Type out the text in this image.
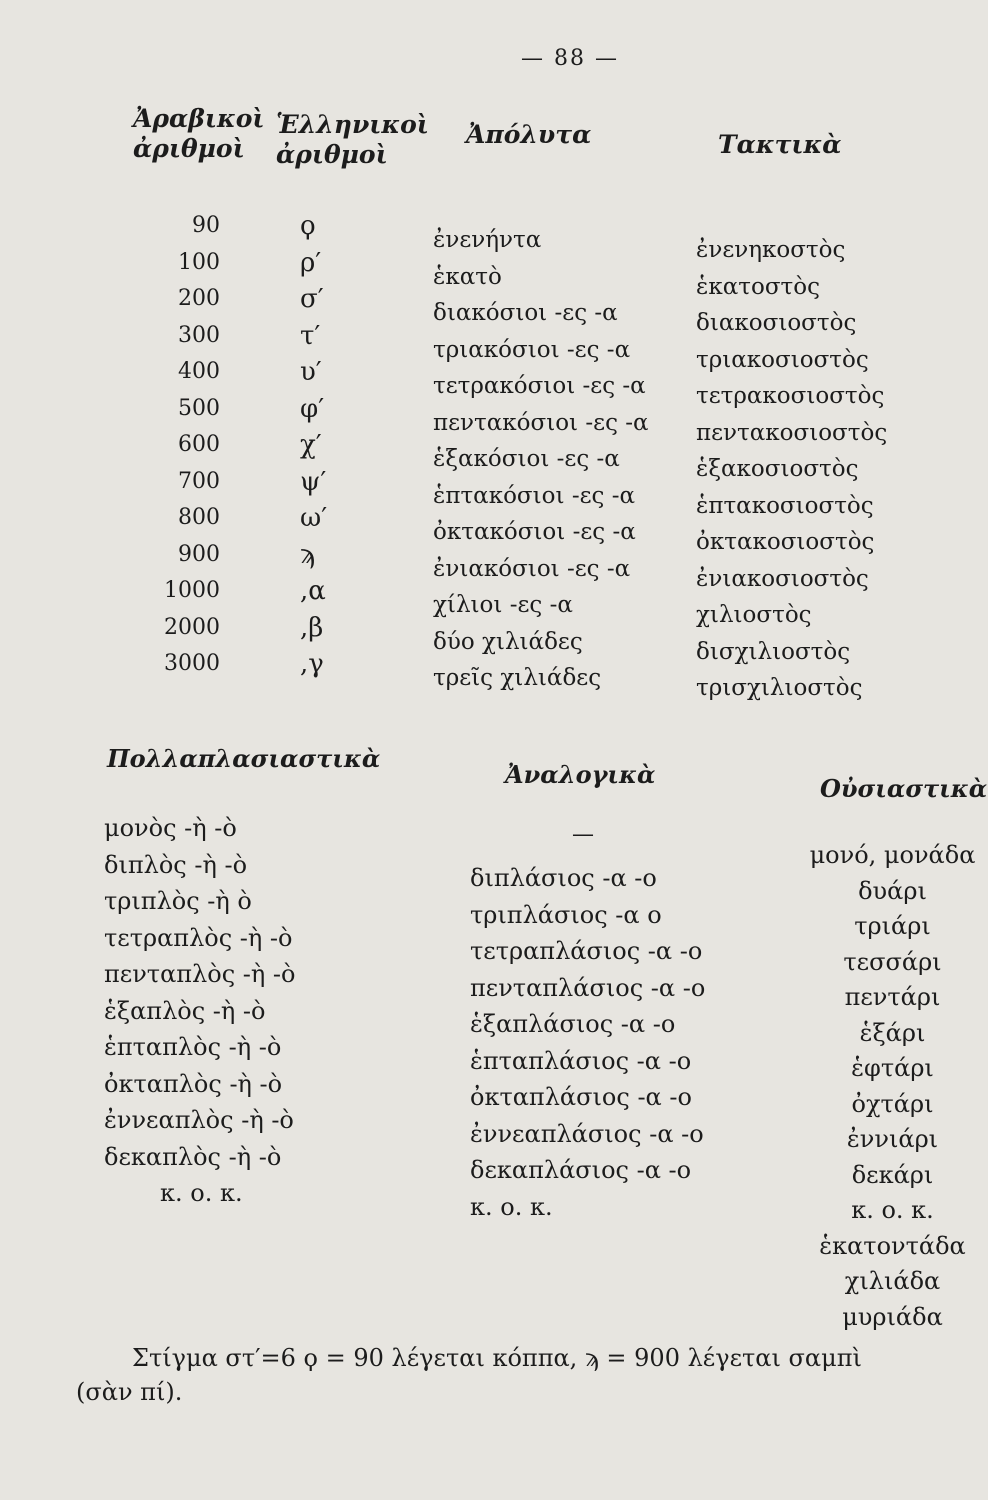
— 88 —
Ἀραβικοὶ
ἀριθμοὶ
Ἑλληνικοὶ
ἀριθμοὶ
Ἀπόλυτα	Τακτικὰ
90
100
200
300
400
500
600
700
800
900
1000
2000
3000
ϙ
ρ′
σ′
τ′
υ′
φ′
χ′
ψ′
ω′
ϡ
,α
,β
,γ
ἐνενήντα
ἑκατὸ
διακόσιοι -ες -α
τριακόσιοι -ες -α
τετρακόσιοι -ες -α
πεντακόσιοι -ες -α
ἑξακόσιοι -ες -α
ἑπτακόσιοι -ες -α
ὀκτακόσιοι -ες -α
ἐνιακόσιοι -ες -α
χίλιοι -ες -α
δύο χιλιάδες
τρεῖς χιλιάδες
ἐνενηκοστὸς
ἑκατοστὸς
διακοσιοστὸς
τριακοσιοστὸς
τετρακοσιοστὸς
πεντακοσιοστὸς
ἑξακοσιοστὸς
ἑπτακοσιοστὸς
ὀκτακοσιοστὸς
ἐνιακοσιοστὸς
χιλιοστὸς
δισχιλιοστὸς
τρισχιλιοστὸς
Πολλαπλασιαστικὰ
Ἀναλογικὰ	Οὐσιαστικὰ
μονὸς -ὴ -ὸ
διπλὸς -ὴ -ὸ
τριπλὸς -ὴ ὸ
τετραπλὸς -ὴ -ὸ
πενταπλὸς -ὴ -ὸ
ἑξαπλὸς -ὴ -ὸ
ἑπταπλὸς -ὴ -ὸ
ὀκταπλὸς -ὴ -ὸ
ἐννεαπλὸς -ὴ -ὸ
δεκαπλὸς -ὴ -ὸ
κ. ο. κ.
—
διπλάσιος -α -ο
τριπλάσιος -α ο
τετραπλάσιος -α -ο
πενταπλάσιος -α -ο
ἑξαπλάσιος -α -ο
ἑπταπλάσιος -α -ο
ὀκταπλάσιος -α -ο
ἐννεαπλάσιος -α -ο
δεκαπλάσιος -α -ο
κ. ο. κ.
μονό, μονάδα
δυάρι
τριάρι
τεσσάρι
πεντάρι
ἑξάρι
ἑφτάρι
ὀχτάρι
ἐννιάρι
δεκάρι
κ. ο. κ.
ἑκατοντάδα
χιλιάδα
μυριάδα
Στίγμα στ′=6 ϙ = 90 λέγεται κόππα, ϡ = 900 λέγεται σαμπὶ
(σὰν πί).
